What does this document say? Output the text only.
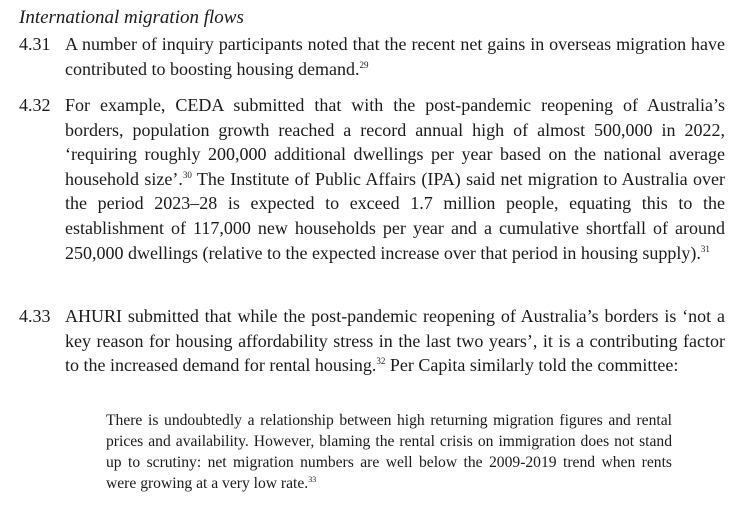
International migration flows
4.31 A number of inquiry participants noted that the recent net gains in overseas migration have contributed to boosting housing demand.$^{29}$
4.32 For example, CEDA submitted that with the post-pandemic reopening of Australia’s borders, population growth reached a record annual high of almost 500,000 in 2022, ‘requiring roughly 200,000 additional dwellings per year based on the national average household size’.$^{30}$ The Institute of Public Affairs (IPA) said net migration to Australia over the period 2023–28 is expected to exceed 1.7 million people, equating this to the establishment of 117,000 new households per year and a cumulative shortfall of around 250,000 dwellings (relative to the expected increase over that period in housing supply).$^{31}$
4.33 AHURI submitted that while the post-pandemic reopening of Australia’s borders is ‘not a key reason for housing affordability stress in the last two years’, it is a contributing factor to the increased demand for rental housing.$^{32}$ Per Capita similarly told the committee:
There is undoubtedly a relationship between high returning migration figures and rental prices and availability. However, blaming the rental crisis on immigration does not stand up to scrutiny: net migration numbers are well below the 2009-2019 trend when rents were growing at a very low rate.$^{33}$
